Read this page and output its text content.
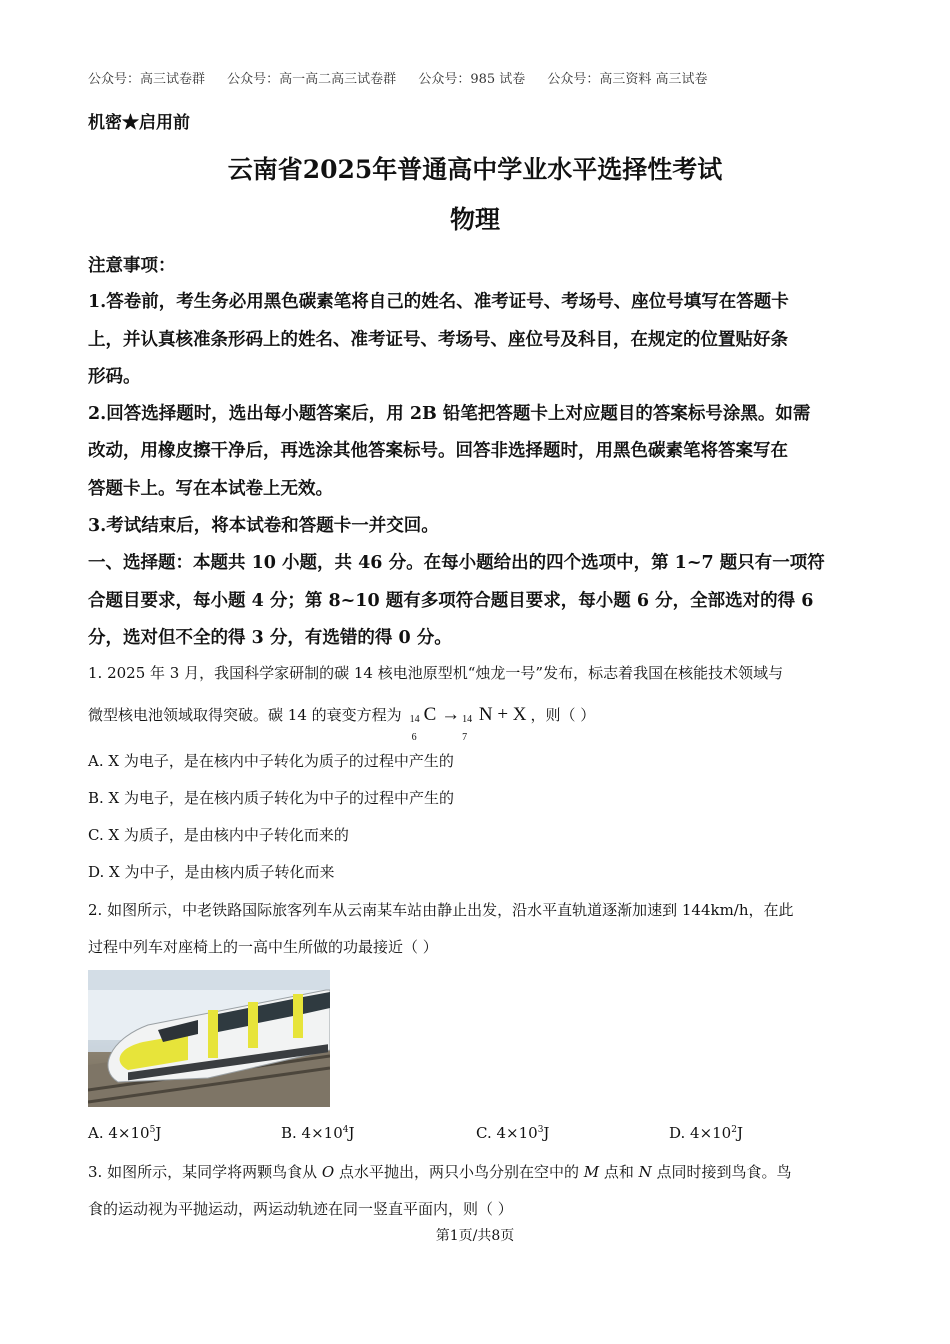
公众号：高三试卷群 公众号：高一高二高三试卷群 公众号：985 试卷 公众号：高三资料 高三试卷
机密★启用前
云南省2025年普通高中学业水平选择性考试
物理
注意事项：
1.答卷前，考生务必用黑色碳素笔将自己的姓名、准考证号、考场号、座位号填写在答题卡
上，并认真核准条形码上的姓名、准考证号、考场号、座位号及科目，在规定的位置贴好条
形码。
2.回答选择题时，选出每小题答案后，用 2B 铅笔把答题卡上对应题目的答案标号涂黑。如需
改动，用橡皮擦干净后，再选涂其他答案标号。回答非选择题时，用黑色碳素笔将答案写在
答题卡上。写在本试卷上无效。
3.考试结束后，将本试卷和答题卡一并交回。
一、选择题：本题共 10 小题，共 46 分。在每小题给出的四个选项中，第 1~7 题只有一项符
合题目要求，每小题 4 分；第 8~10 题有多项符合题目要求，每小题 6 分，全部选对的得 6
分，选对但不全的得 3 分，有选错的得 0 分。
1. 2025 年 3 月，我国科学家研制的碳 14 核电池原型机“烛龙一号”发布，标志着我国在核能技术领域与
微型核电池领域取得突破。碳 14 的衰变方程为 14
6
C → 14
7
N + X ，则（ ）
A. X 为电子，是在核内中子转化为质子的过程中产生的
B. X 为电子，是在核内质子转化为中子的过程中产生的
C. X 为质子，是由核内中子转化而来的
D. X 为中子，是由核内质子转化而来
2. 如图所示，中老铁路国际旅客列车从云南某车站由静止出发，沿水平直轨道逐渐加速到 144km/h，在此
过程中列车对座椅上的一高中生所做的功最接近（ ）
A. $4\times 10^5J$	B. $4\times 10^4J$	C. $4\times 10^3J$	D. $4\times 10^2J$
3. 如图所示，某同学将两颗鸟食从 O 点水平抛出，两只小鸟分别在空中的 M 点和 N 点同时接到鸟食。鸟
食的运动视为平抛运动，两运动轨迹在同一竖直平面内，则（ ）
第1页/共8页
